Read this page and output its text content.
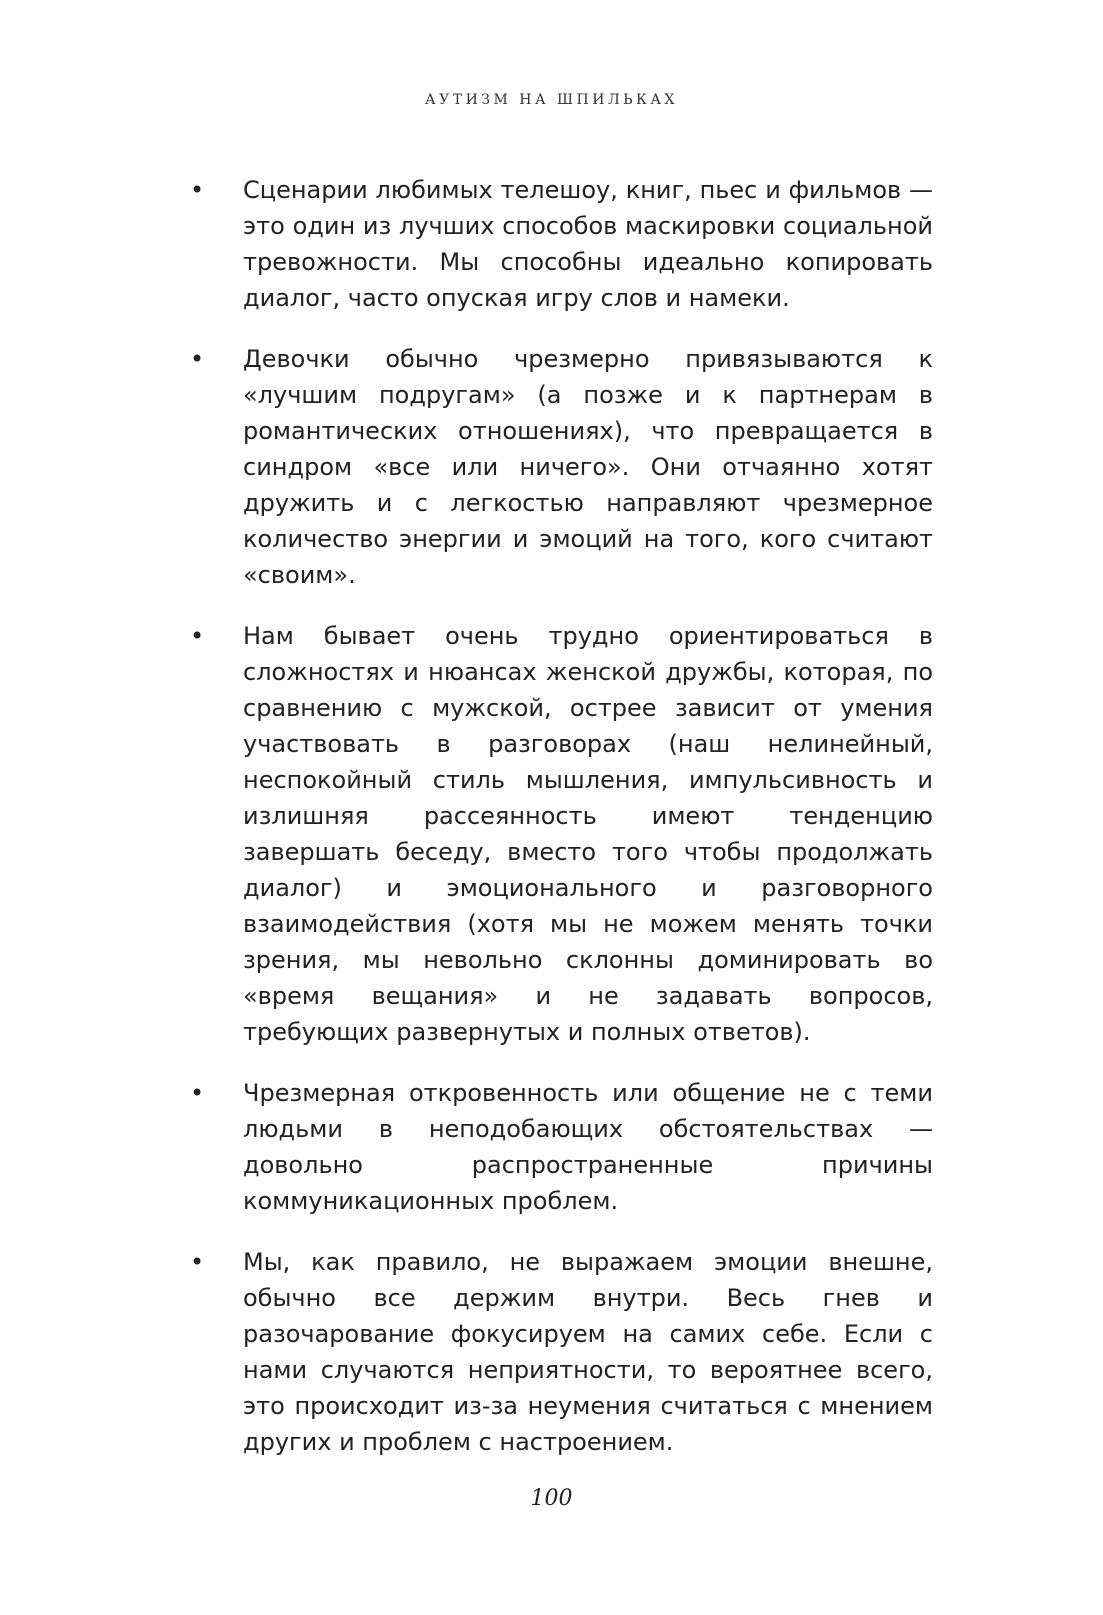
АУТИЗМ НА ШПИЛЬКАХ
•	Сценарии любимых телешоу, книг, пьес и фильмов — это один из лучших способов маскировки социальной тревожности. Мы способны идеально копировать диалог, часто опуская игру слов и намеки.
•	Девочки обычно чрезмерно привязываются к «лучшим подругам» (а позже и к партнерам в романтических отношениях), что превращается в синдром «все или ничего». Они отчаянно хотят дружить и с легкостью направляют чрезмерное количество энергии и эмоций на того, кого считают «своим».
•	Нам бывает очень трудно ориентироваться в сложностях и нюансах женской дружбы, которая, по сравнению с мужской, острее зависит от умения участвовать в разговорах (наш нелинейный, неспокойный стиль мышления, импульсивность и излишняя рассеянность имеют тенденцию завершать беседу, вместо того чтобы продолжать диалог) и эмоционального и разговорного взаимодействия (хотя мы не можем менять точки зрения, мы невольно склонны доминировать во «время вещания» и не задавать вопросов, требующих развернутых и полных ответов).
•	Чрезмерная откровенность или общение не с теми людьми в неподобающих обстоятельствах — довольно распространенные причины коммуникационных проблем.
•	Мы, как правило, не выражаем эмоции внешне, обычно все держим внутри. Весь гнев и разочарование фокусируем на самих себе. Если с нами случаются неприятности, то вероятнее всего, это происходит из-за неумения считаться с мнением других и проблем с настроением.
100
